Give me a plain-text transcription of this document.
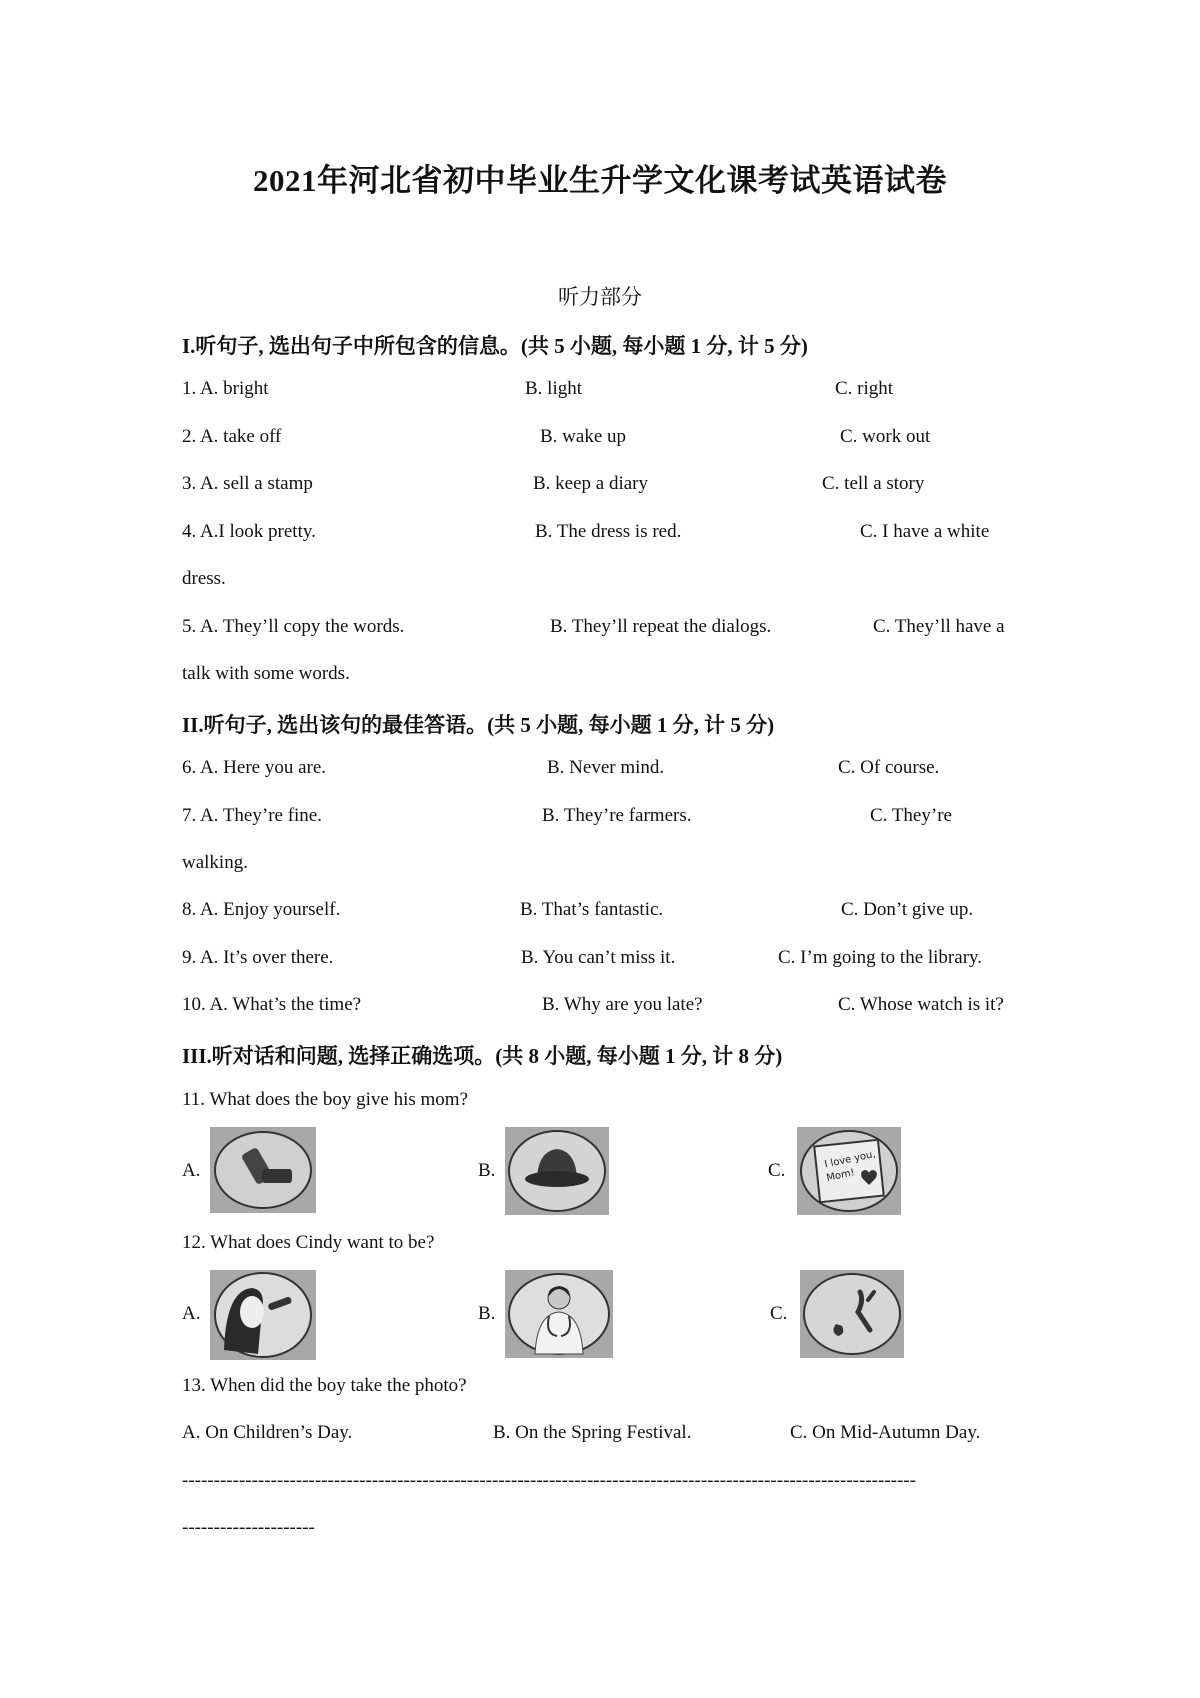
2021年河北省初中毕业生升学文化课考试英语试卷
听力部分
I.听句子, 选出句子中所包含的信息。(共 5 小题, 每小题 1 分, 计 5 分)
1. A. bright	B. light	C. right
2. A. take off	B. wake up	C. work out
3. A. sell a stamp	B. keep a diary	C. tell a story
4. A.I look pretty.	B. The dress is red.	C. I have a white
dress.
5. A. They’ll copy the words.	B. They’ll repeat the dialogs.	C. They’ll have a
talk with some words.
II.听句子, 选出该句的最佳答语。(共 5 小题, 每小题 1 分, 计 5 分)
6. A. Here you are.	B. Never mind.	C. Of course.
7. A. They’re fine.	B. They’re farmers.	C. They’re
walking.
8. A. Enjoy yourself.	B. That’s fantastic.	C. Don’t give up.
9. A. It’s over there.	B. You can’t miss it.	C. I’m going to the library.
10. A. What’s the time?	B. Why are you late?	C. Whose watch is it?
III.听对话和问题, 选择正确选项。(共 8 小题, 每小题 1 分, 计 8 分)
11. What does the boy give his mom?
A.	B.	C.
I love you,
Mom!
12. What does Cindy want to be?
A.	B.	C.
13. When did the boy take the photo?
A. On Children’s Day.	B. On the Spring Festival.	C. On Mid-Autumn Day.
--------------------------------------------------------------------------------------------------------------------
---------------------
